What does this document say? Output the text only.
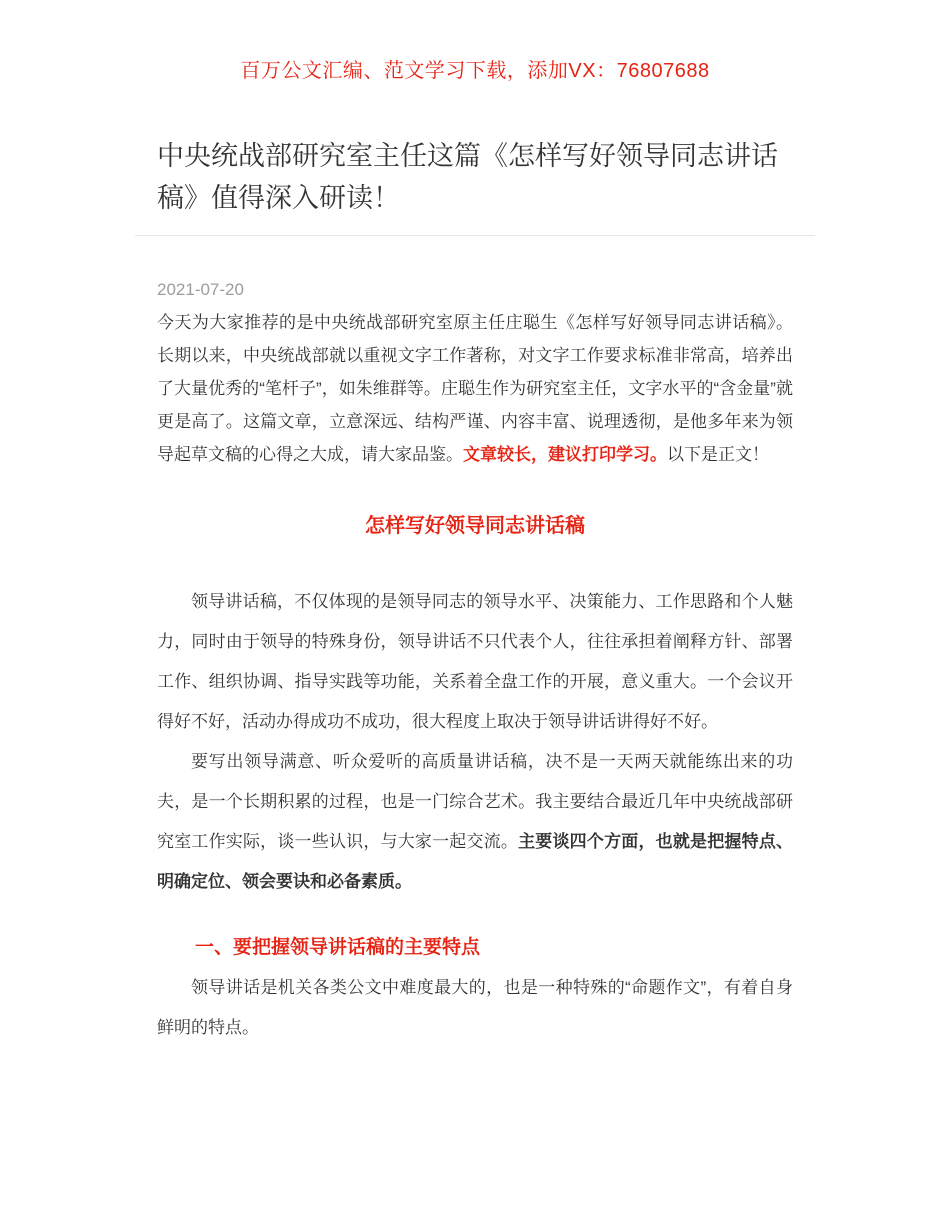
百万公文汇编、范文学习下载，添加VX：76807688
中央统战部研究室主任这篇《怎样写好领导同志讲话稿》值得深入研读！
2021-07-20

今天为大家推荐的是中央统战部研究室原主任庄聪生《怎样写好领导同志讲话稿》。长期以来，中央统战部就以重视文字工作著称，对文字工作要求标准非常高，培养出了大量优秀的“笔杆子”，如朱维群等。庄聪生作为研究室主任，文字水平的“含金量”就更是高了。这篇文章，立意深远、结构严谨、内容丰富、说理透彻，是他多年来为领导起草文稿的心得之大成，请大家品鉴。文章较长，建议打印学习。以下是正文！

怎样写好领导同志讲话稿

领导讲话稿，不仅体现的是领导同志的领导水平、决策能力、工作思路和个人魅力，同时由于领导的特殊身份，领导讲话不只代表个人，往往承担着阐释方针、部署工作、组织协调、指导实践等功能，关系着全盘工作的开展，意义重大。一个会议开得好不好，活动办得成功不成功，很大程度上取决于领导讲话讲得好不好。

要写出领导满意、听众爱听的高质量讲话稿，决不是一天两天就能练出来的功夫，是一个长期积累的过程，也是一门综合艺术。我主要结合最近几年中央统战部研究室工作实际，谈一些认识，与大家一起交流。主要谈四个方面，也就是把握特点、明确定位、领会要诀和必备素质。

一、要把握领导讲话稿的主要特点

领导讲话是机关各类公文中难度最大的，也是一种特殊的“命题作文”，有着自身鲜明的特点。
